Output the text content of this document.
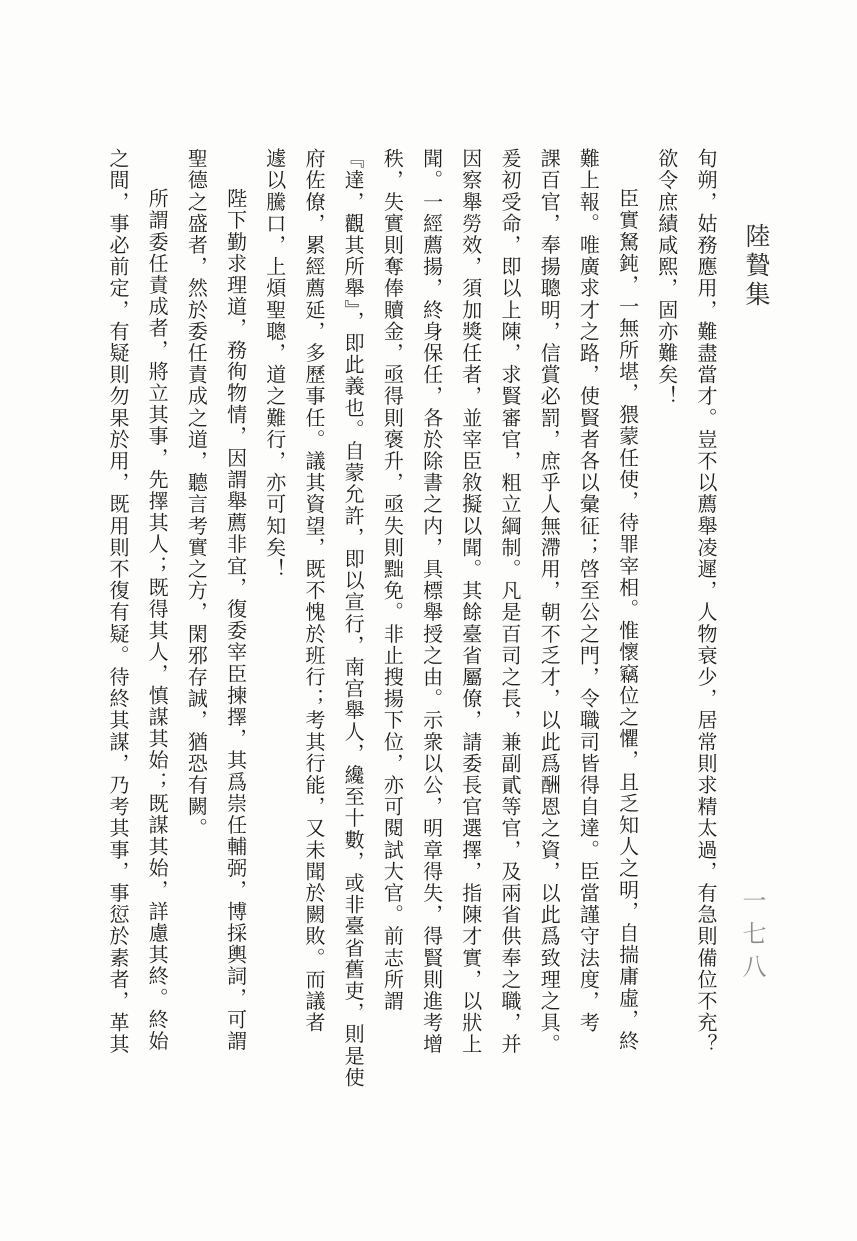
陸贄集
一七八
旬朔，姑務應用，難盡當才。豈不以薦舉凌遲，人物衰少，居常則求精太過，有急則備位不充？
欲令庶績咸熙，固亦難矣！
臣實駑鈍，一無所堪，猥蒙任使，待罪宰相。惟懷竊位之懼，且乏知人之明，自揣庸虛，終
難上報。唯廣求才之路，使賢者各以彙征；啓至公之門，令職司皆得自達。臣當謹守法度，考
課百官，奉揚聰明，信賞必罰，庶乎人無滯用，朝不乏才，以此爲酬恩之資，以此爲致理之具。
爰初受命，即以上陳，求賢審官，粗立綱制。凡是百司之長，兼副貳等官，及兩省供奉之職，并
因察舉勞效，須加獎任者，並宰臣敘擬以聞。其餘臺省屬僚，請委長官選擇，指陳才實，以狀上
聞。一經薦揚，終身保任，各於除書之内，具標舉授之由。示衆以公，明章得失，得賢則進考增
秩，失實則奪俸贖金，亟得則褒升，亟失則黜免。非止搜揚下位，亦可閱試大官。前志所謂
『達，觀其所舉』，即此義也。自蒙允許，即以宣行，南宫舉人，纔至十數，或非臺省舊吏，則是使
府佐僚，累經薦延，多歷事任。議其資望，既不愧於班行；考其行能，又未聞於闕敗。而議者
遽以騰口，上煩聖聰，道之難行，亦可知矣！
陛下勤求理道，務徇物情，因謂舉薦非宜，復委宰臣揀擇，其爲崇任輔弼，博採輿詞，可謂
聖德之盛者，然於委任責成之道，聽言考實之方，閑邪存誠，猶恐有闕。
所謂委任責成者，將立其事，先擇其人；既得其人，慎謀其始；既謀其始，詳慮其終。終始
之間，事必前定，有疑則勿果於用，既用則不復有疑。待終其謀，乃考其事，事愆於素者，革其
